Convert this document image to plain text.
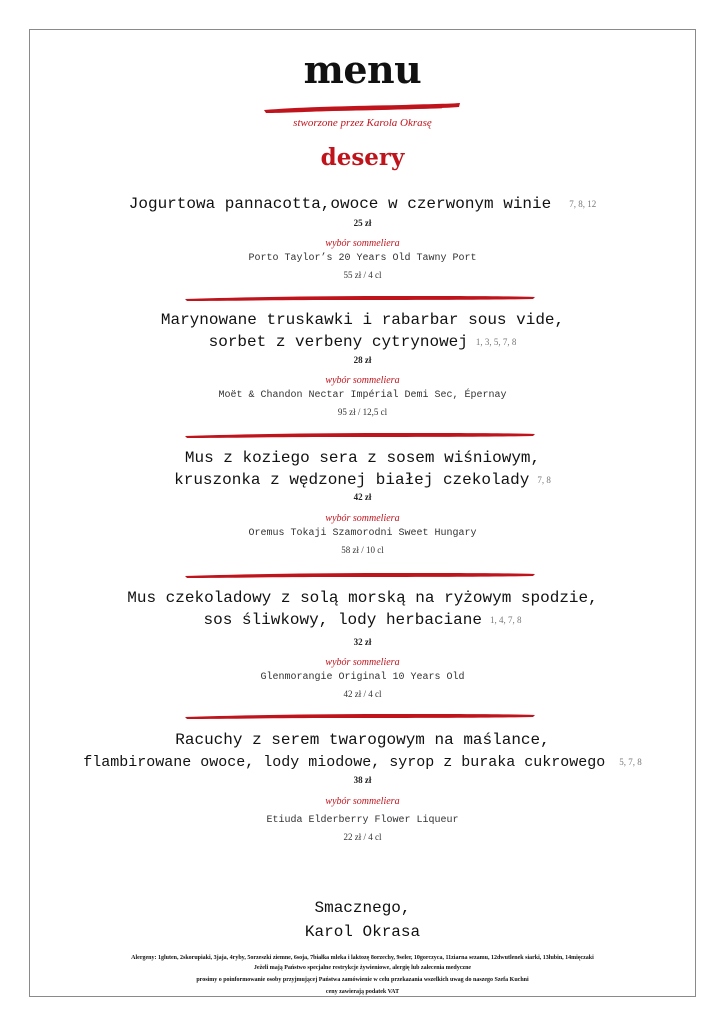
menu
stworzone przez Karola Okrasę
desery
Jogurtowa pannacotta,owoce w czerwonym winie 7, 8, 12
25 zł
wybór sommeliera
Porto Taylor’s 20 Years Old Tawny Port
55 zł / 4 cl
Marynowane truskawki i rabarbar sous vide,
sorbet z verbeny cytrynowej 1, 3, 5, 7, 8
28 zł
wybór sommeliera
Moët & Chandon Nectar Impérial Demi Sec, Épernay
95 zł / 12,5 cl
Mus z koziego sera z sosem wiśniowym,
kruszonka z wędzonej białej czekolady 7, 8
42 zł
wybór sommeliera
Oremus Tokaji Szamorodni Sweet Hungary
58 zł / 10 cl
Mus czekoladowy z solą morską na ryżowym spodzie,
sos śliwkowy, lody herbaciane 1, 4, 7, 8
32 zł
wybór sommeliera
Glenmorangie Original 10 Years Old
42 zł / 4 cl
Racuchy z serem twarogowym na maślance,
flambirowane owoce, lody miodowe, syrop z buraka cukrowego 5, 7, 8
38 zł
wybór sommeliera
Etiuda Elderberry Flower Liqueur
22 zł / 4 cl
Smacznego,
Karol Okrasa
Alergeny: 1gluten, 2skorupiaki, 3jaja, 4ryby, 5orzeszki ziemne, 6soja, 7białka mleka i laktozę 8orzechy, 9seler, 10gorczyca, 11ziarna sezamu, 12dwutlenek siarki, 13łubin, 14mięczaki
Jeżeli mają Państwo specjalne restrykcje żywieniowe, alergię lub zalecenia medyczne
prosimy o poinformowanie osoby przyjmującej Państwa zamówienie w celu przekazania wszelkich uwag do naszego Szefa Kuchni
ceny zawierają podatek VAT
